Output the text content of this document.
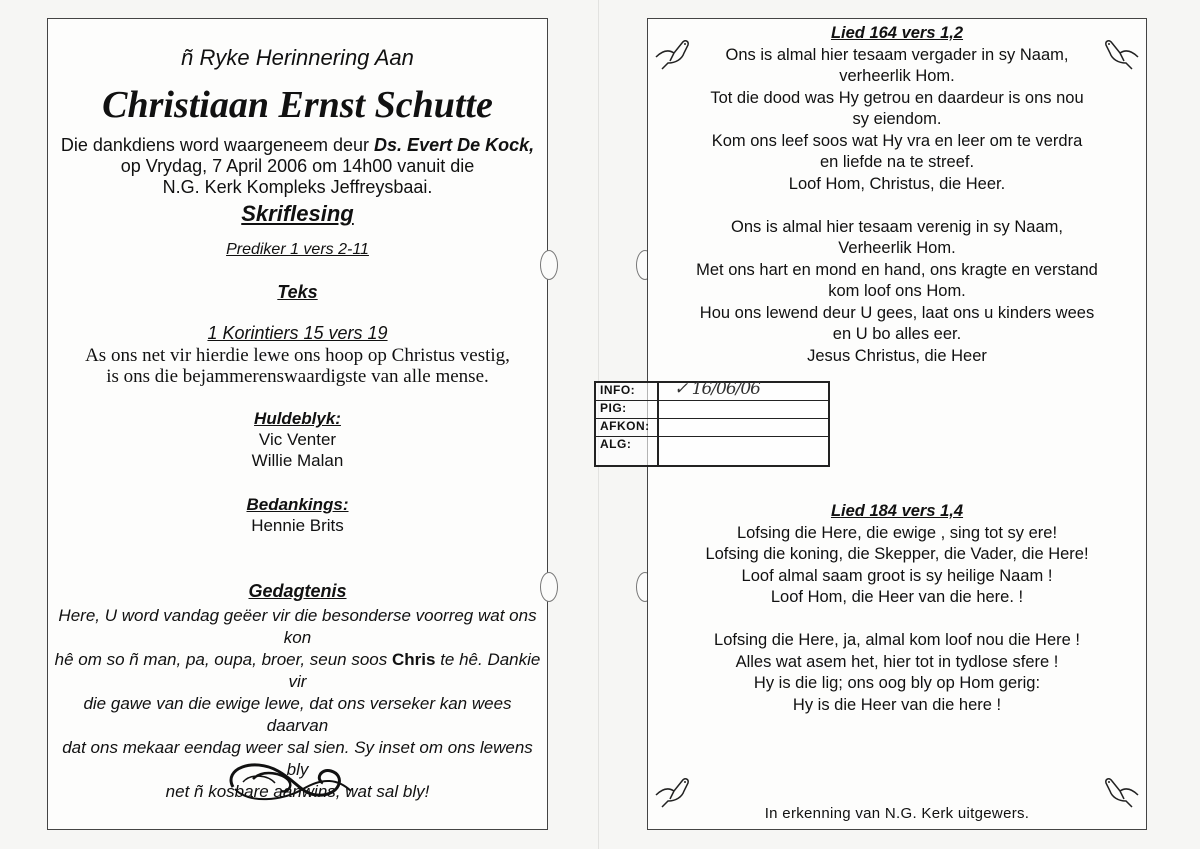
ñ Ryke Herinnering Aan
Christiaan Ernst Schutte
Die dankdiens word waargeneem deur Ds. Evert De Kock,
op Vrydag, 7 April 2006 om 14h00 vanuit die
N.G. Kerk Kompleks Jeffreysbaai.
Skriflesing
Prediker 1 vers 2-11
Teks
1 Korintiers 15 vers 19
As ons net vir hierdie lewe ons hoop op Christus vestig,
is ons die bejammerenswaardigste van alle mense.
Huldeblyk:
Vic Venter
Willie Malan
Bedankings:
Hennie Brits
Gedagtenis
Here, U word vandag geëer vir die besonderse voorreg wat ons kon
hê om so ñ man, pa, oupa, broer, seun soos Chris te hê. Dankie vir
die gawe van die ewige lewe, dat ons verseker kan wees daarvan
dat ons mekaar eendag weer sal sien. Sy inset om ons lewens bly
net ñ kosbare aanwins, wat sal bly!
Lied 164 vers 1,2
Ons is almal hier tesaam vergader in sy Naam,
verheerlik Hom.
Tot die dood was Hy getrou en daardeur is ons nou
sy eiendom.
Kom ons leef soos wat Hy vra en leer om te verdra
en liefde na te streef.
Loof Hom, Christus, die Heer.
Ons is almal hier tesaam verenig in sy Naam,
Verheerlik Hom.
Met ons hart en mond en hand, ons kragte en verstand
kom loof ons Hom.
Hou ons lewend deur U gees, laat ons u kinders wees
en U bo alles eer.
Jesus Christus, die Heer
Lied 184 vers 1,4
Lofsing die Here, die ewige , sing tot sy ere!
Lofsing die koning, die Skepper, die Vader, die Here!
Loof almal saam groot is sy heilige Naam !
Loof Hom, die Heer van die here. !
Lofsing die Here, ja, almal kom loof nou die Here !
Alles wat asem het, hier tot in tydlose sfere !
Hy is die lig; ons oog bly op Hom gerig:
Hy is die Heer van die here !
In erkenning van N.G. Kerk uitgewers.
INFO: ✓ 16/06/06
PIG:
AFKON:
ALG:
